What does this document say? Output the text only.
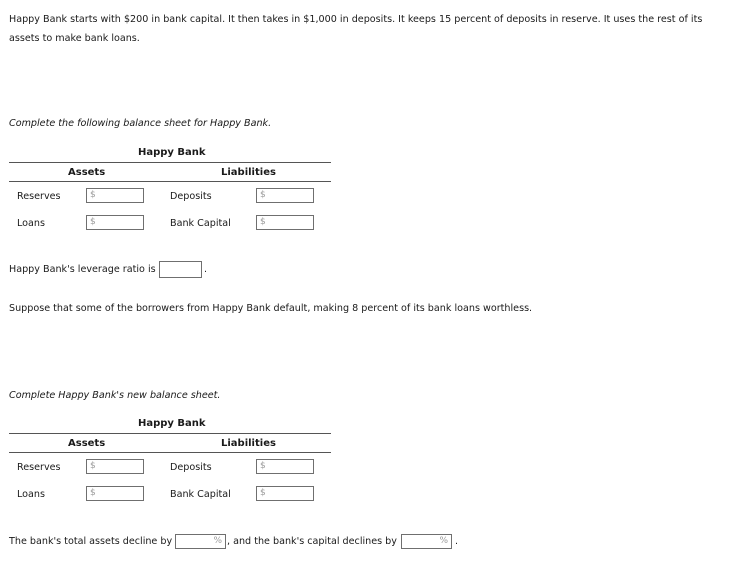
Happy Bank starts with $200 in bank capital. It then takes in $1,000 in deposits. It keeps 15 percent of deposits in reserve. It uses the rest of its assets to make bank loans.
Complete the following balance sheet for Happy Bank.
Happy Bank
Assets	Liabilities
Reserves	$	Deposits	$
Loans	$	Bank Capital	$
Happy Bank's leverage ratio is	.
Suppose that some of the borrowers from Happy Bank default, making 8 percent of its bank loans worthless.
Complete Happy Bank's new balance sheet.
Happy Bank
Assets	Liabilities
Reserves	$	Deposits	$
Loans	$	Bank Capital	$
The bank's total assets decline by	% , and the bank's capital declines by	% .
